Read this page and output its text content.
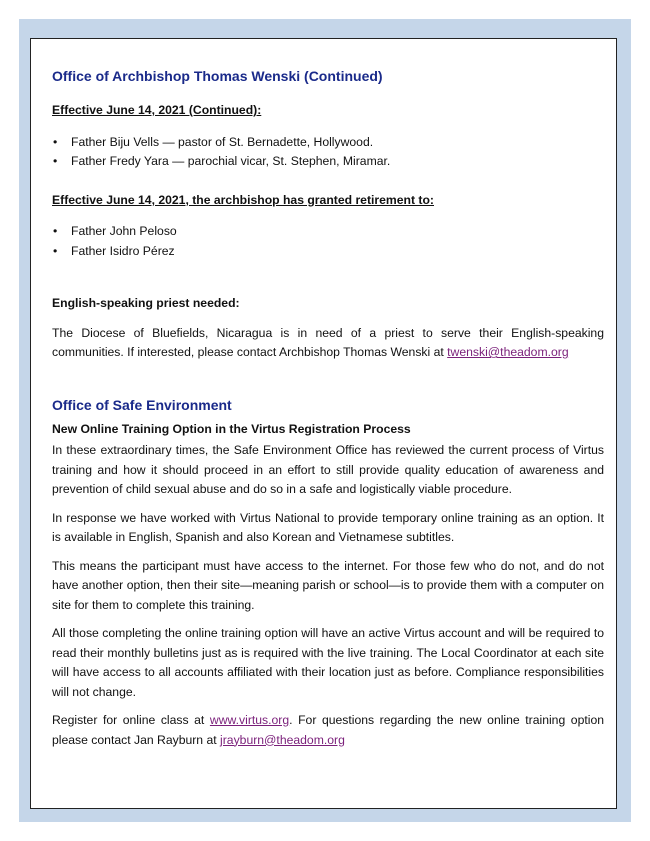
Office of Archbishop Thomas Wenski (Continued)

Effective June 14, 2021 (Continued):

• Father Biju Vells — pastor of St. Bernadette, Hollywood.
• Father Fredy Yara — parochial vicar, St. Stephen, Miramar.

Effective June 14, 2021, the archbishop has granted retirement to:

• Father John Peloso
• Father Isidro Pérez

English-speaking priest needed:

The Diocese of Bluefields, Nicaragua is in need of a priest to serve their English-speaking communities. If interested, please contact Archbishop Thomas Wenski at twenski@theadom.org

Office of Safe Environment

New Online Training Option in the Virtus Registration Process

In these extraordinary times, the Safe Environment Office has reviewed the current process of Virtus training and how it should proceed in an effort to still provide quality education of awareness and prevention of child sexual abuse and do so in a safe and logistically viable procedure.

In response we have worked with Virtus National to provide temporary online training as an option. It is available in English, Spanish and also Korean and Vietnamese subtitles.

This means the participant must have access to the internet. For those few who do not, and do not have another option, then their site—meaning parish or school—is to provide them with a computer on site for them to complete this training.

All those completing the online training option will have an active Virtus account and will be required to read their monthly bulletins just as is required with the live training. The Local Coordinator at each site will have access to all accounts affiliated with their location just as before. Compliance responsibilities will not change.

Register for online class at www.virtus.org. For questions regarding the new online training option please contact Jan Rayburn at jrayburn@theadom.org
